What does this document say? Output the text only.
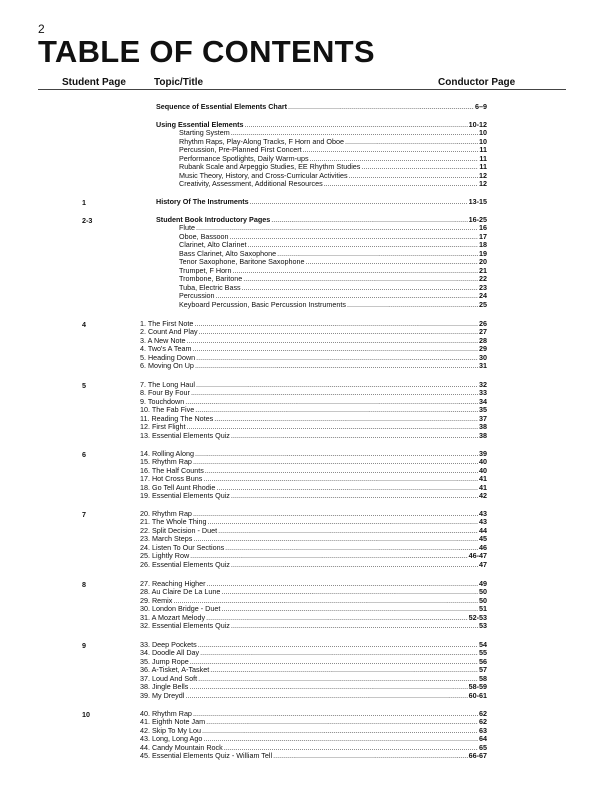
2
TABLE OF CONTENTS
Student Page	Topic/Title	Conductor Page
Sequence of Essential Elements Chart .....	6–9
Using Essential Elements .....	10-12
Starting System .....	10
Rhythm Raps, Play-Along Tracks, F Horn and Oboe .....	10
Percussion, Pre-Planned First Concert .....	11
Performance Spotlights, Daily Warm-ups .....	11
Rubank Scale and Arpeggio Studies, EE Rhythm Studies .....	11
Music Theory, History, and Cross-Curricular Activities .....	12
Creativity, Assessment, Additional Resources .....	12
1	History Of The Instruments .....	13-15
2-3	Student Book Introductory Pages .....	16-25
Flute .....	16
Oboe, Bassoon .....	17
Clarinet, Alto Clarinet .....	18
Bass Clarinet, Alto Saxophone .....	19
Tenor Saxophone, Baritone Saxophone .....	20
Trumpet, F Horn .....	21
Trombone, Baritone .....	22
Tuba, Electric Bass .....	23
Percussion .....	24
Keyboard Percussion, Basic Percussion Instruments .....	25
4	1. The First Note .....	26
2. Count And Play .....	27
3. A New Note .....	28
4. Two's A Team .....	29
5. Heading Down .....	30
6. Moving On Up .....	31
5	7. The Long Haul .....	32
8. Four By Four .....	33
9. Touchdown .....	34
10. The Fab Five .....	35
11. Reading The Notes .....	37
12. First Flight .....	38
13. Essential Elements Quiz .....	38
6	14. Rolling Along .....	39
15. Rhythm Rap .....	40
16. The Half Counts .....	40
17. Hot Cross Buns .....	41
18. Go Tell Aunt Rhodie .....	41
19. Essential Elements Quiz .....	42
7	20. Rhythm Rap .....	43
21. The Whole Thing .....	43
22. Split Decision - Duet .....	44
23. March Steps .....	45
24. Listen To Our Sections .....	46
25. Lightly Row .....	46-47
26. Essential Elements Quiz .....	47
8	27. Reaching Higher .....	49
28. Au Claire De La Lune .....	50
29. Remix .....	50
30. London Bridge - Duet .....	51
31. A Mozart Melody .....	52-53
32. Essential Elements Quiz .....	53
9	33. Deep Pockets .....	54
34. Doodle All Day .....	55
35. Jump Rope .....	56
36. A-Tisket, A-Tasket .....	57
37. Loud And Soft .....	58
38. Jingle Bells .....	58-59
39. My Dreydl .....	60-61
10	40. Rhythm Rap .....	62
41. Eighth Note Jam .....	62
42. Skip To My Lou .....	63
43. Long, Long Ago .....	64
44. Candy Mountain Rock .....	65
45. Essential Elements Quiz - William Tell .....	66-67
